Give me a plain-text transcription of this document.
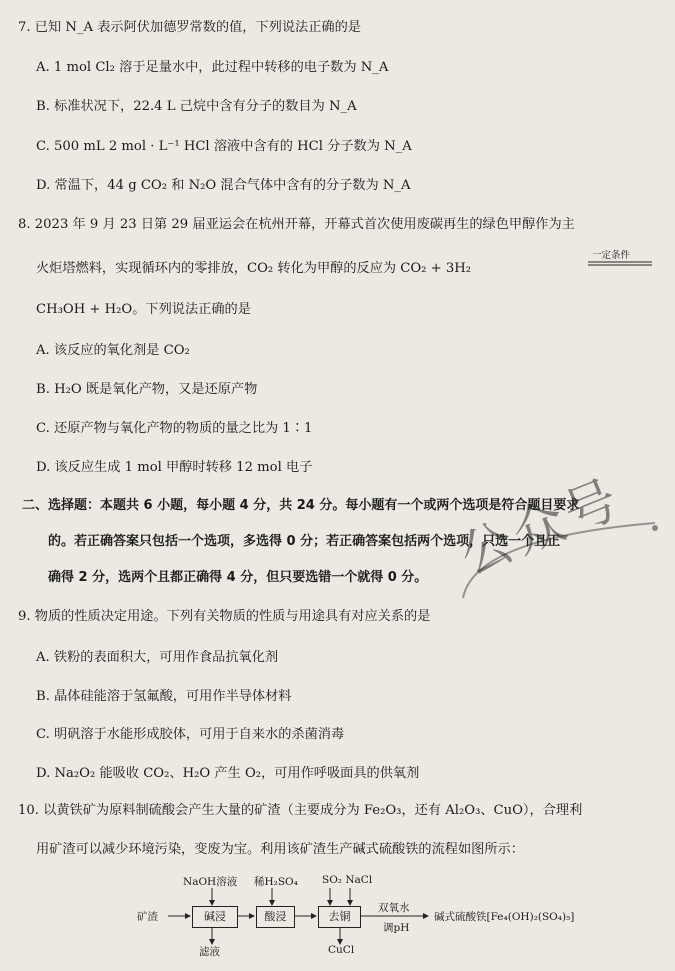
7. 已知 N_A 表示阿伏加德罗常数的值，下列说法正确的是
A. 1 mol Cl₂ 溶于足量水中，此过程中转移的电子数为 N_A
B. 标准状况下，22.4 L 己烷中含有分子的数目为 N_A
C. 500 mL 2 mol · L⁻¹ HCl 溶液中含有的 HCl 分子数为 N_A
D. 常温下，44 g CO₂ 和 N₂O 混合气体中含有的分子数为 N_A
8. 2023 年 9 月 23 日第 29 届亚运会在杭州开幕，开幕式首次使用废碳再生的绿色甲醇作为主
火炬塔燃料，实现循环内的零排放，CO₂ 转化为甲醇的反应为 CO₂ + 3H₂
一定条件
CH₃OH + H₂O。下列说法正确的是
A. 该反应的氧化剂是 CO₂
B. H₂O 既是氧化产物，又是还原产物
C. 还原产物与氧化产物的物质的量之比为 1∶1
D. 该反应生成 1 mol 甲醇时转移 12 mol 电子
二、选择题：本题共 6 小题，每小题 4 分，共 24 分。每小题有一个或两个选项是符合题目要求
的。若正确答案只包括一个选项，多选得 0 分；若正确答案包括两个选项，只选一个且正
确得 2 分，选两个且都正确得 4 分，但只要选错一个就得 0 分。 公众号
9. 物质的性质决定用途。下列有关物质的性质与用途具有对应关系的是
A. 铁粉的表面积大，可用作食品抗氧化剂
B. 晶体硅能溶于氢氟酸，可用作半导体材料
C. 明矾溶于水能形成胶体，可用于自来水的杀菌消毒
D. Na₂O₂ 能吸收 CO₂、H₂O 产生 O₂，可用作呼吸面具的供氧剂
10. 以黄铁矿为原料制硫酸会产生大量的矿渣（主要成分为 Fe₂O₃，还有 Al₂O₃、CuO），合理利
用矿渣可以减少环境污染，变废为宝。利用该矿渣生产碱式硫酸铁的流程如图所示：
矿渣	碱浸	酸浸	去铜
NaOH溶液 稀H₂SO₄ SO₂ NaCl
滤液	CuCl
双氧水
调pH
碱式硫酸铁[Fe₄(OH)₂(SO₄)₅]
